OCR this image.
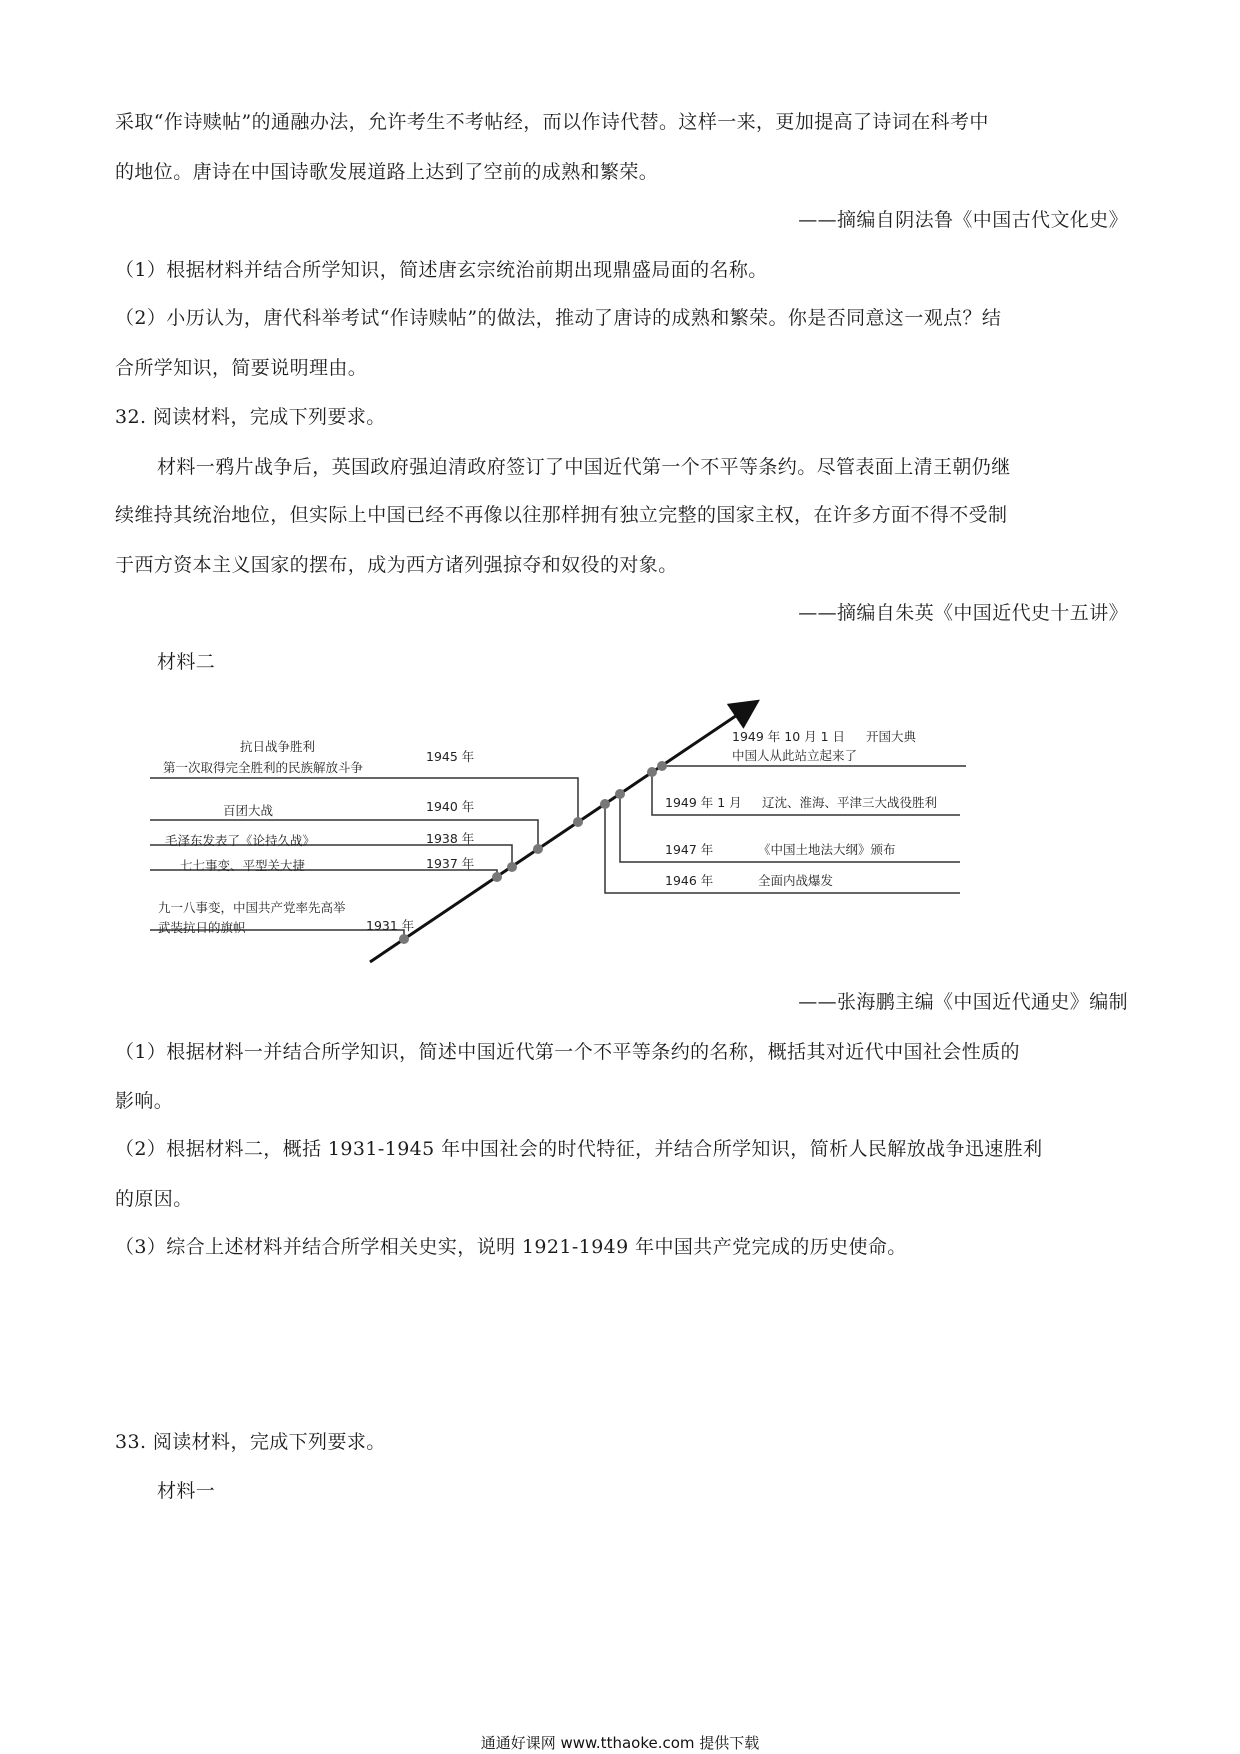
采取“作诗赎帖”的通融办法，允许考生不考帖经，而以作诗代替。这样一来，更加提高了诗词在科考中
的地位。唐诗在中国诗歌发展道路上达到了空前的成熟和繁荣。
——摘编自阴法鲁《中国古代文化史》
（1）根据材料并结合所学知识，简述唐玄宗统治前期出现鼎盛局面的名称。
（2）小历认为，唐代科举考试“作诗赎帖”的做法，推动了唐诗的成熟和繁荣。你是否同意这一观点？结
合所学知识，简要说明理由。
32. 阅读材料，完成下列要求。
材料一鸦片战争后，英国政府强迫清政府签订了中国近代第一个不平等条约。尽管表面上清王朝仍继
续维持其统治地位，但实际上中国已经不再像以往那样拥有独立完整的国家主权，在许多方面不得不受制
于西方资本主义国家的摆布，成为西方诸列强掠夺和奴役的对象。
——摘编自朱英《中国近代史十五讲》
材料二
九一八事变，中国共产党率先高举
武装抗日的旗帜	1931 年
七七事变、平型关大捷	1937 年
毛泽东发表了《论持久战》	1938 年
百团大战	1940 年
抗日战争胜利
第一次取得完全胜利的民族解放斗争
1945 年
1946 年	全面内战爆发
1947 年	《中国土地法大纲》颁布
1949 年 1 月 辽沈、淮海、平津三大战役胜利
1949 年 10 月 1 日 开国大典
中国人从此站立起来了
——张海鹏主编《中国近代通史》编制
（1）根据材料一并结合所学知识，简述中国近代第一个不平等条约的名称，概括其对近代中国社会性质的
影响。
（2）根据材料二，概括 1931-1945 年中国社会的时代特征，并结合所学知识，简析人民解放战争迅速胜利
的原因。
（3）综合上述材料并结合所学相关史实，说明 1921-1949 年中国共产党完成的历史使命。
33. 阅读材料，完成下列要求。
材料一
通通好课网 www.tthaoke.com 提供下载
